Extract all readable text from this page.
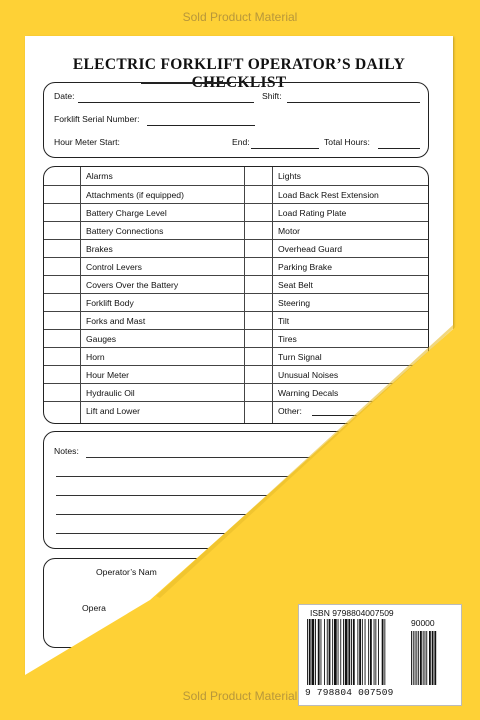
Sold Product Material
ELECTRIC FORKLIFT OPERATOR’S DAILY CHECKLIST
Date:	Shift:
Forklift Serial Number:
Hour Meter Start:	End:	Total Hours:
Alarms	Lights
Attachments (if equipped)	Load Back Rest Extension
Battery Charge Level	Load Rating Plate
Battery Connections	Motor
Brakes	Overhead Guard
Control Levers	Parking Brake
Covers Over the Battery	Seat Belt
Forklift Body	Steering
Forks and Mast	Tilt
Gauges	Tires
Horn	Turn Signal
Hour Meter	Unusual Noises
Hydraulic Oil	Warning Decals
Lift and Lower	Other:
Notes:
Operator’s Nam
Opera	ISBN 9798804007509
90000
9 798804 007509
Sold Product Material
